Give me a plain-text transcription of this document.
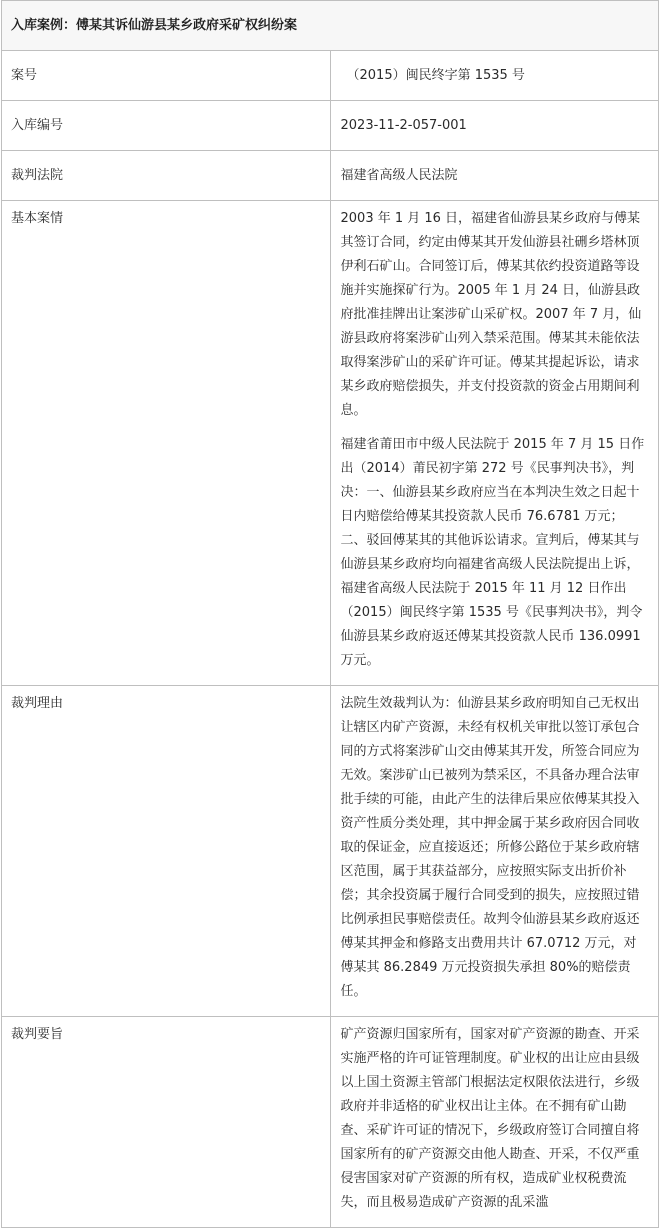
入库案例：傅某其诉仙游县某乡政府采矿权纠纷案	
案号	（2015）闽民终字第 1535 号
入库编号	2023-11-2-057-001
裁判法院	福建省高级人民法院
基本案情	2003 年 1 月 16 日，福建省仙游县某乡政府与傅某其签订合同，约定由傅某其开发仙游县社硎乡塔林顶伊利石矿山。合同签订后，傅某其依约投资道路等设施并实施探矿行为。2005 年 1 月 24 日，仙游县政府批准挂牌出让案涉矿山采矿权。2007 年 7 月，仙游县政府将案涉矿山列入禁采范围。傅某其未能依法取得案涉矿山的采矿许可证。傅某其提起诉讼，请求某乡政府赔偿损失，并支付投资款的资金占用期间利息。

福建省莆田市中级人民法院于 2015 年 7 月 15 日作出（2014）莆民初字第 272 号《民事判决书》，判决：一、仙游县某乡政府应当在本判决生效之日起十日内赔偿给傅某其投资款人民币 76.6781 万元；二、驳回傅某其的其他诉讼请求。宣判后，傅某其与仙游县某乡政府均向福建省高级人民法院提出上诉，福建省高级人民法院于 2015 年 11 月 12 日作出（2015）闽民终字第 1535 号《民事判决书》，判令仙游县某乡政府返还傅某其投资款人民币 136.0991 万元。

裁判理由	法院生效裁判认为：仙游县某乡政府明知自己无权出让辖区内矿产资源，未经有权机关审批以签订承包合同的方式将案涉矿山交由傅某其开发，所签合同应为无效。案涉矿山已被列为禁采区，不具备办理合法审批手续的可能，由此产生的法律后果应依傅某其投入资产性质分类处理，其中押金属于某乡政府因合同收取的保证金，应直接返还；所修公路位于某乡政府辖区范围，属于其获益部分，应按照实际支出折价补偿；其余投资属于履行合同受到的损失，应按照过错比例承担民事赔偿责任。故判令仙游县某乡政府返还傅某其押金和修路支出费用共计 67.0712 万元，对傅某其 86.2849 万元投资损失承担 80%的赔偿责任。

裁判要旨	矿产资源归国家所有，国家对矿产资源的勘查、开采实施严格的许可证管理制度。矿业权的出让应由县级以上国土资源主管部门根据法定权限依法进行，乡级政府并非适格的矿业权出让主体。在不拥有矿山勘查、采矿许可证的情况下，乡级政府签订合同擅自将国家所有的矿产资源交由他人勘查、开采，不仅严重侵害国家对矿产资源的所有权，造成矿业权税费流失，而且极易造成矿产资源的乱采滥
